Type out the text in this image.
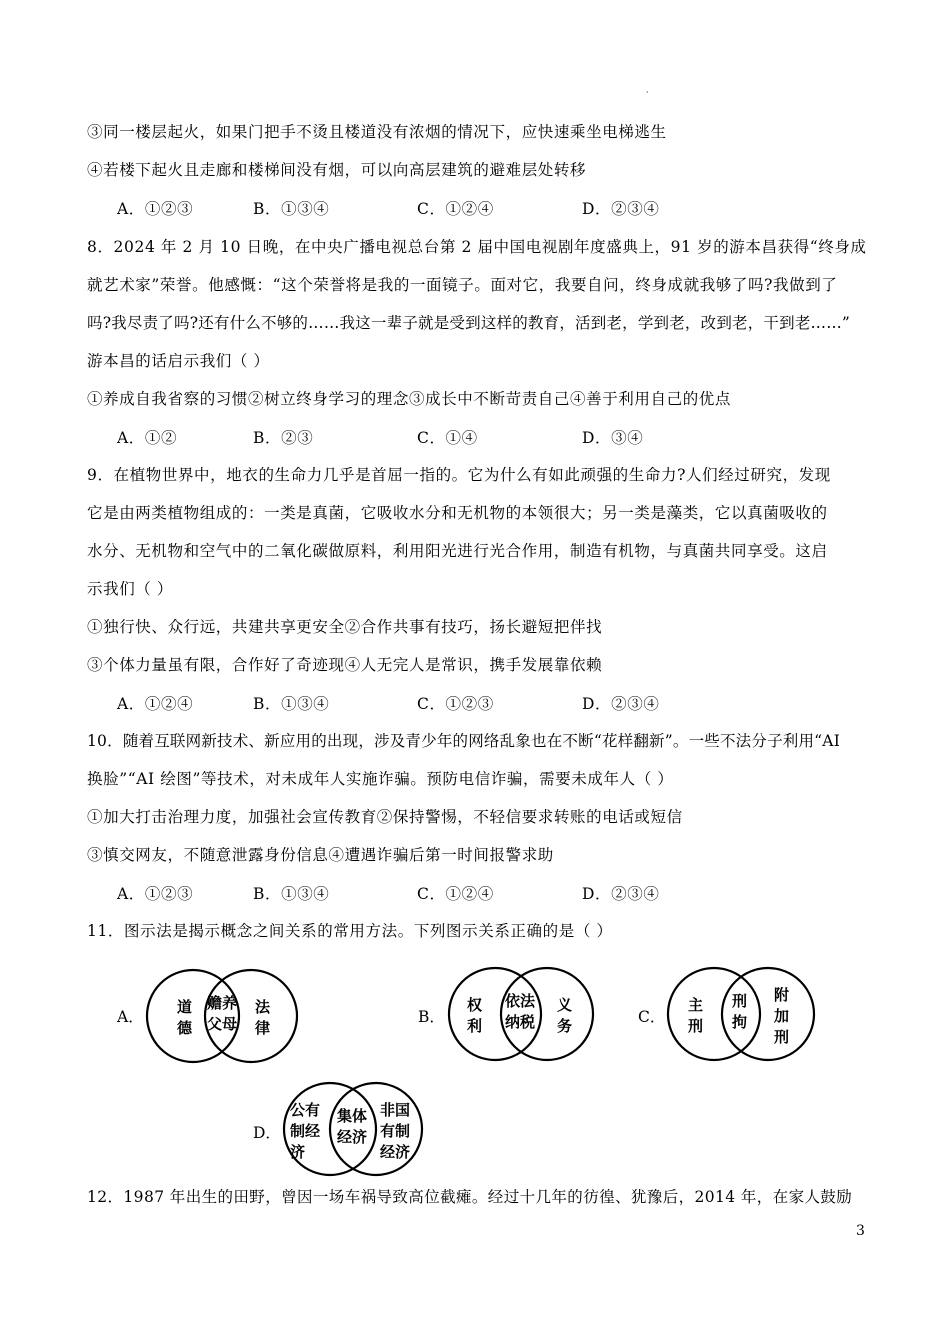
·
③同一楼层起火，如果门把手不烫且楼道没有浓烟的情况下，应快速乘坐电梯逃生
④若楼下起火且走廊和楼梯间没有烟，可以向高层建筑的避难层处转移
A．①②③	B．①③④	C．①②④	D．②③④
8．2024 年 2 月 10 日晚，在中央广播电视总台第 2 届中国电视剧年度盛典上，91 岁的游本昌获得“终身成
就艺术家”荣誉。他感慨：“这个荣誉将是我的一面镜子。面对它，我要自问，终身成就我够了吗?我做到了
吗?我尽责了吗?还有什么不够的……我这一辈子就是受到这样的教育，活到老，学到老，改到老，干到老……”
游本昌的话启示我们（ ）
①养成自我省察的习惯②树立终身学习的理念③成长中不断苛责自己④善于利用自己的优点
A．①②	B．②③	C．①④	D．③④
9．在植物世界中，地衣的生命力几乎是首屈一指的。它为什么有如此顽强的生命力?人们经过研究，发现
它是由两类植物组成的：一类是真菌，它吸收水分和无机物的本领很大；另一类是藻类，它以真菌吸收的
水分、无机物和空气中的二氧化碳做原料，利用阳光进行光合作用，制造有机物，与真菌共同享受。这启
示我们（ ）
①独行快、众行远，共建共享更安全②合作共事有技巧，扬长避短把伴找
③个体力量虽有限，合作好了奇迹现④人无完人是常识，携手发展靠依赖
A．①②④	B．①③④	C．①②③	D．②③④
10．随着互联网新技术、新应用的出现，涉及青少年的网络乱象也在不断“花样翻新”。一些不法分子利用“AI
换脸”“AI 绘图”等技术，对未成年人实施诈骗。预防电信诈骗，需要未成年人（ ）
①加大打击治理力度，加强社会宣传教育②保持警惕，不轻信要求转账的电话或短信
③慎交网友，不随意泄露身份信息④遭遇诈骗后第一时间报警求助
A．①②③	B．①③④	C．①②④	D．②③④
11．图示法是揭示概念之间关系的常用方法。下列图示关系正确的是（ ）
A．
道
德
赡养
父母
法
律
B．
权
利
依法
纳税
义
务	C．
主
刑
刑
拘
附
加
刑
D．
公有
制经
济
集体
经济
非国
有制
经济
12．1987 年出生的田野，曾因一场车祸导致高位截瘫。经过十几年的彷徨、犹豫后，2014 年，在家人鼓励
3
